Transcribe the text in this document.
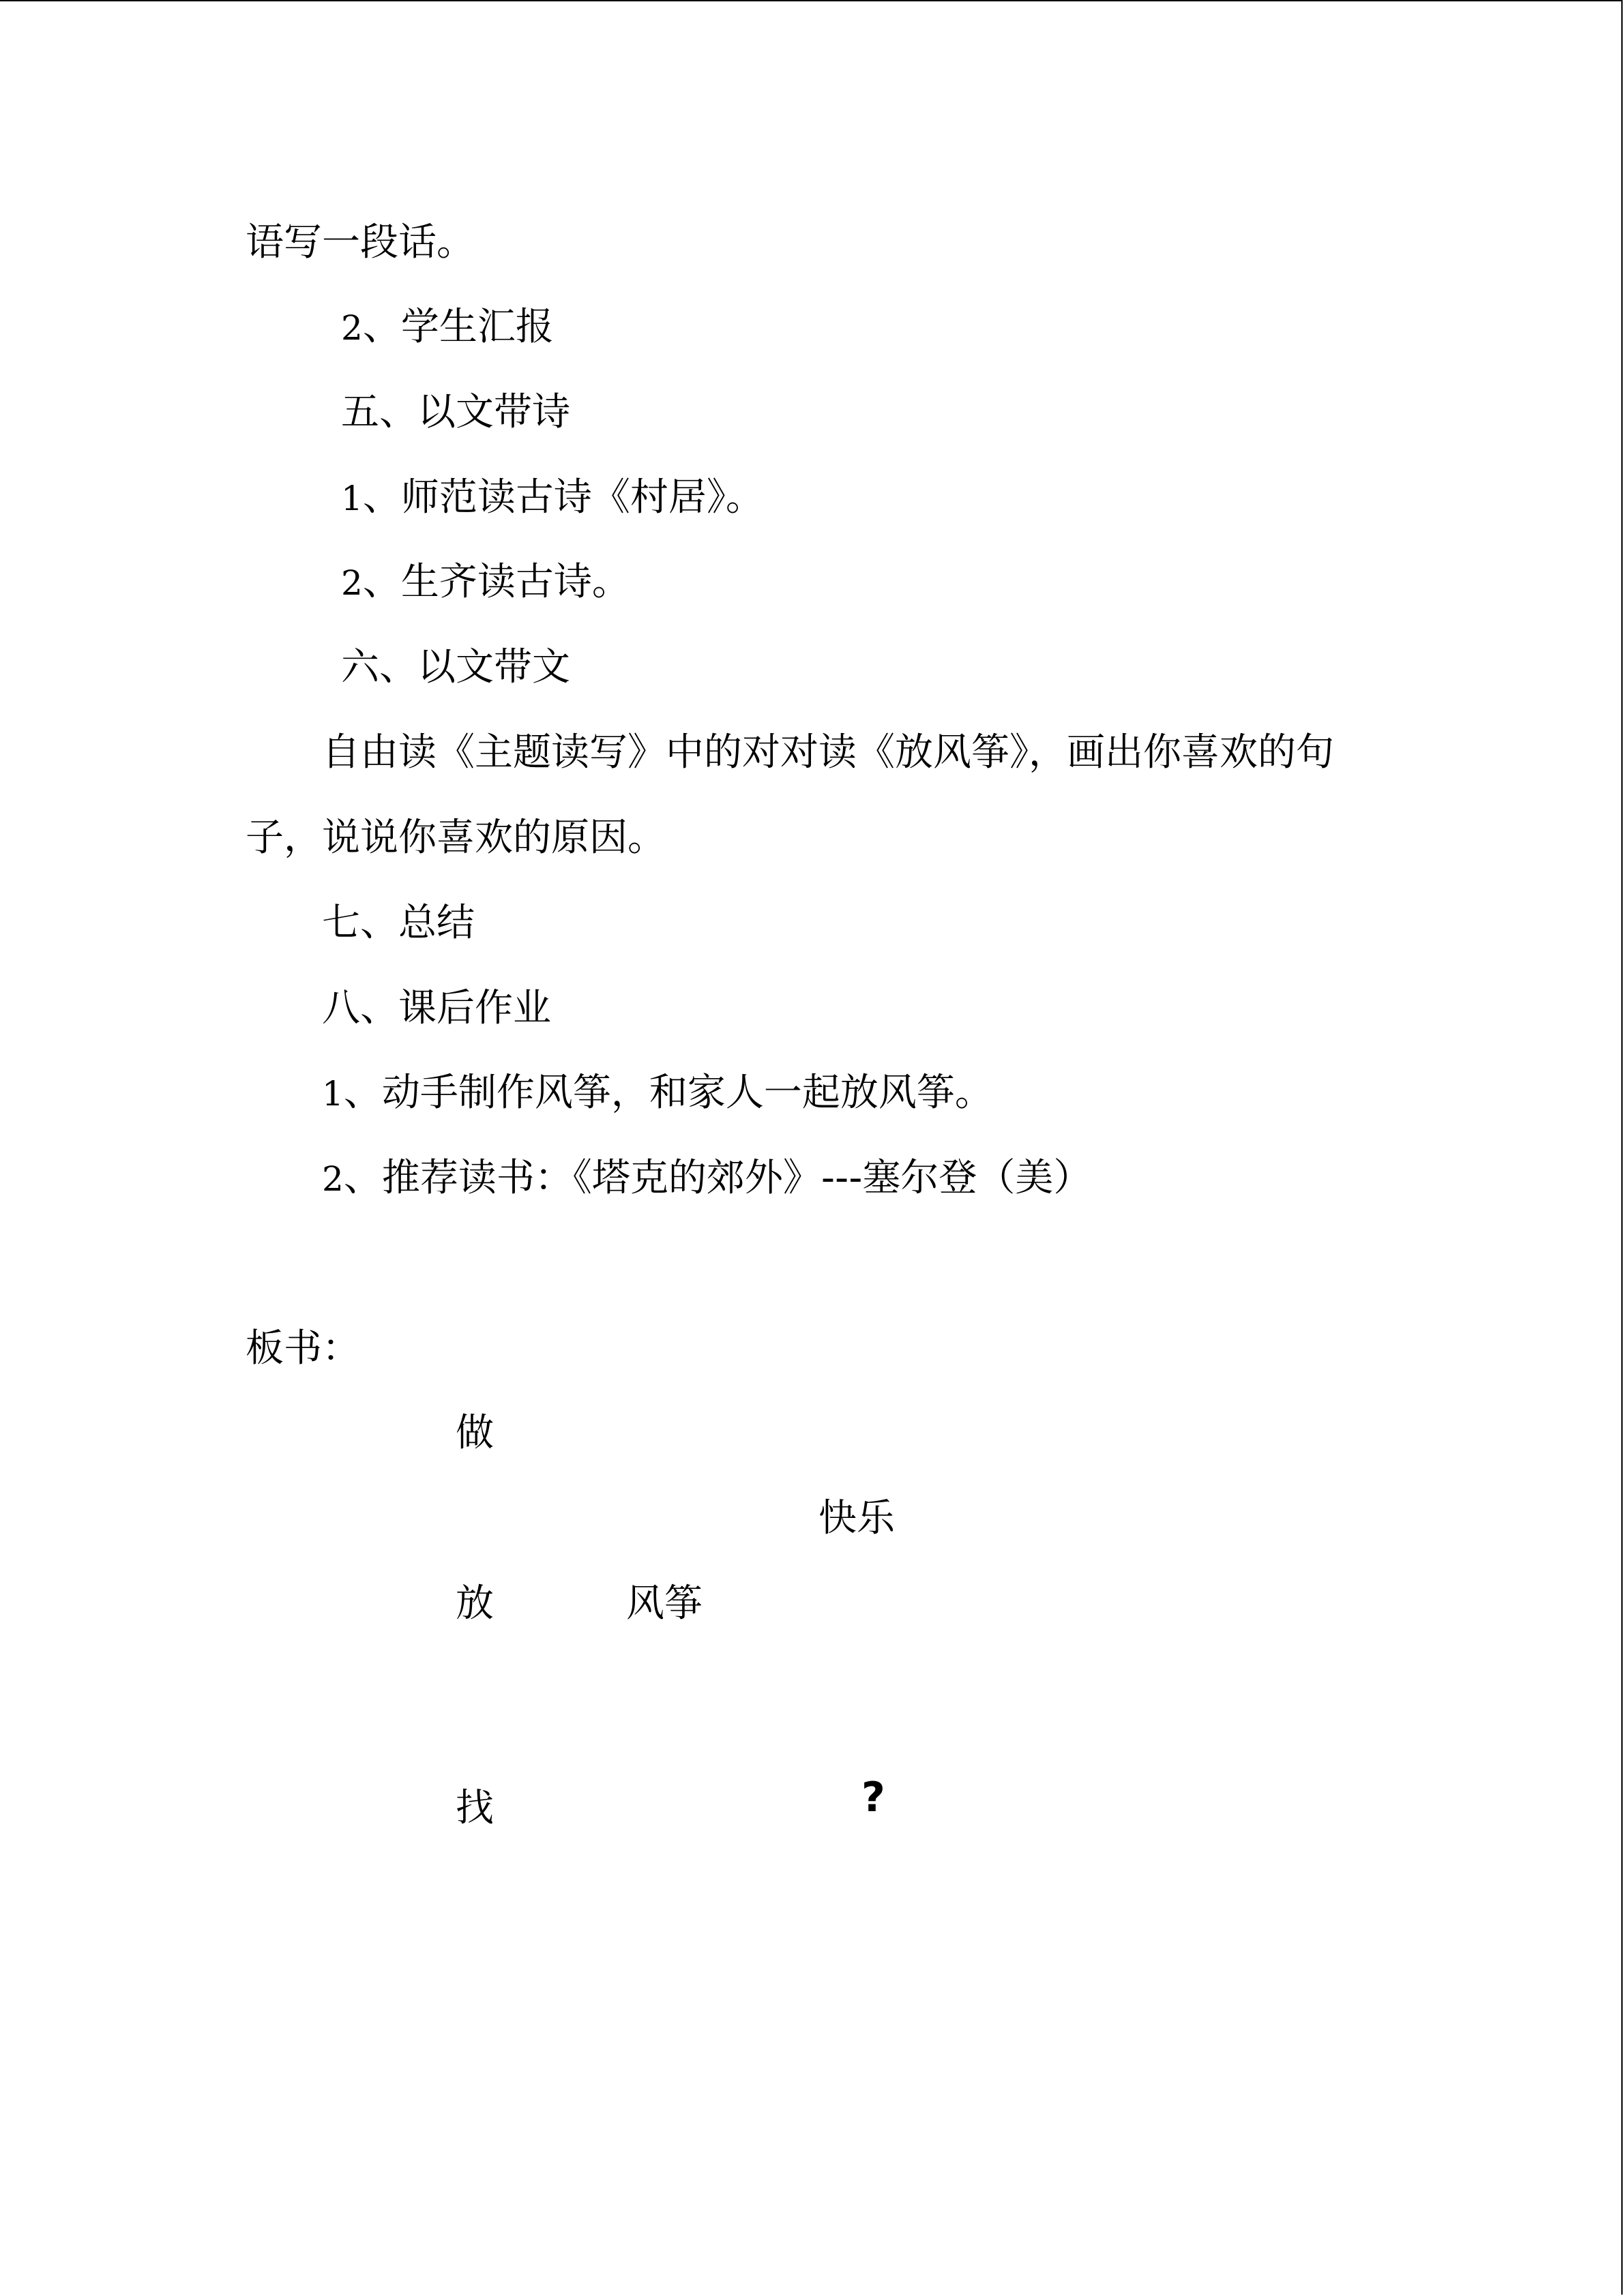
语写一段话。
2、学生汇报
五、以文带诗
1、师范读古诗《村居》。
2、生齐读古诗。
六、以文带文
自由读《主题读写》中的对对读《放风筝》，画出你喜欢的句
子，说说你喜欢的原因。
七、总结
八、课后作业
1、动手制作风筝，和家人一起放风筝。
2、推荐读书：《塔克的郊外》---塞尔登（美）
板书：
做
快乐
放	风筝
找	?
